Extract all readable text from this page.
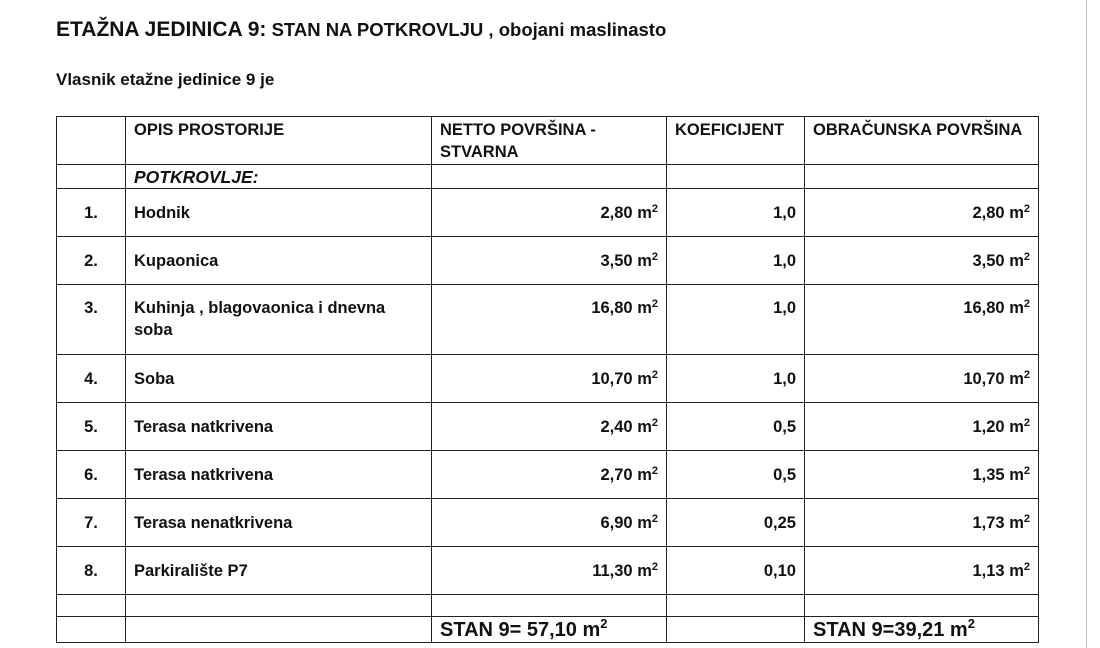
ETAŽNA JEDINICA 9: STAN NA POTKROVLJU , obojani maslinasto
Vlasnik etažne jedinice 9 je
	OPIS PROSTORIJE	NETTO POVRŠINA - STVARNA	KOEFICIJENT	OBRAČUNSKA POVRŠINA
	POTKROVLJE:			
1.	Hodnik	2,80 $m^2$	1,0	2,80 $m^2$
2.	Kupaonica	3,50 $m^2$	1,0	3,50 $m^2$
3.	Kuhinja , blagovaonica i dnevna soba	16,80 $m^2$	1,0	16,80 $m^2$
4.	Soba	10,70 $m^2$	1,0	10,70 $m^2$
5.	Terasa natkrivena	2,40 $m^2$	0,5	1,20 $m^2$
6.	Terasa natkrivena	2,70 $m^2$	0,5	1,35 $m^2$
7.	Terasa nenatkrivena	6,90 $m^2$	0,25	1,73 $m^2$
8.	Parkiralište P7	11,30 $m^2$	0,10	1,13 $m^2$

		STAN 9= 57,10 $m^2$		STAN 9=39,21 $m^2$
